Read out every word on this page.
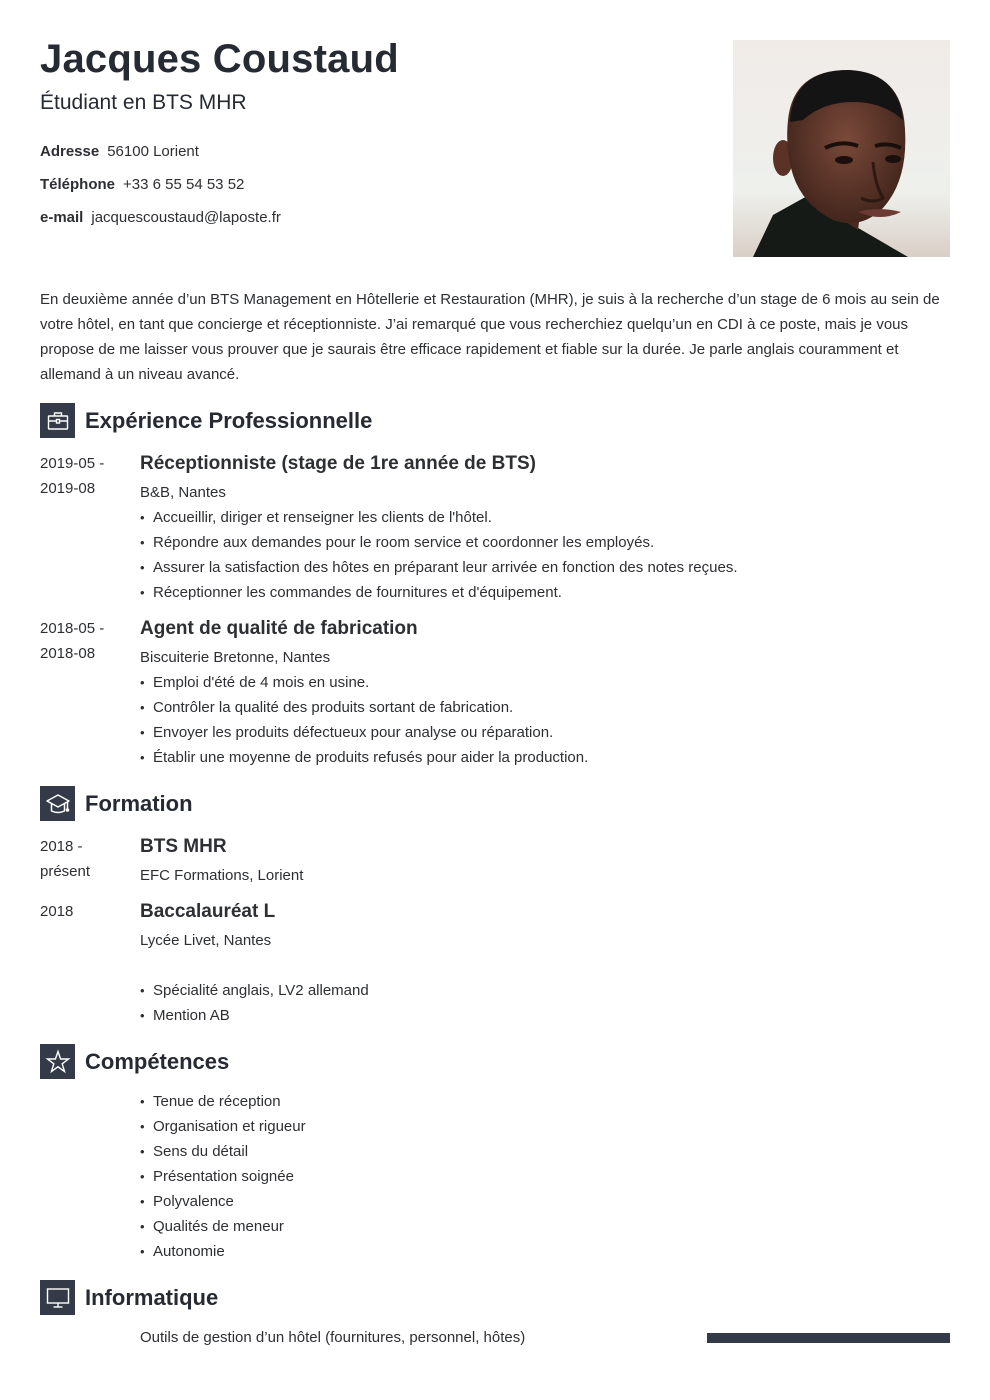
Jacques Coustaud
Étudiant en BTS MHR
Adresse 56100 Lorient
Téléphone +33 6 55 54 53 52
e-mail jacquescoustaud@laposte.fr

En deuxième année d’un BTS Management en Hôtellerie et Restauration (MHR), je suis à la recherche d’un stage de 6 mois au sein de votre hôtel, en tant que concierge et réceptionniste. J’ai remarqué que vous recherchiez quelqu’un en CDI à ce poste, mais je vous propose de me laisser vous prouver que je saurais être efficace rapidement et fiable sur la durée. Je parle anglais couramment et allemand à un niveau avancé.

Expérience Professionnelle
2019-05 -
2019-08
Réceptionniste (stage de 1re année de BTS)
B&B, Nantes
• Accueillir, diriger et renseigner les clients de l'hôtel.
• Répondre aux demandes pour le room service et coordonner les employés.
• Assurer la satisfaction des hôtes en préparant leur arrivée en fonction des notes reçues.
• Réceptionner les commandes de fournitures et d'équipement.
2018-05 -
2018-08
Agent de qualité de fabrication
Biscuiterie Bretonne, Nantes
• Emploi d'été de 4 mois en usine.
• Contrôler la qualité des produits sortant de fabrication.
• Envoyer les produits défectueux pour analyse ou réparation.
• Établir une moyenne de produits refusés pour aider la production.
Formation
2018 -
présent
BTS MHR
EFC Formations, Lorient
2018	Baccalauréat L
Lycée Livet, Nantes
• Spécialité anglais, LV2 allemand
• Mention AB
Compétences
• Tenue de réception
• Organisation et rigueur
• Sens du détail
• Présentation soignée
• Polyvalence
• Qualités de meneur
• Autonomie
Informatique
Outils de gestion d’un hôtel (fournitures, personnel, hôtes)
